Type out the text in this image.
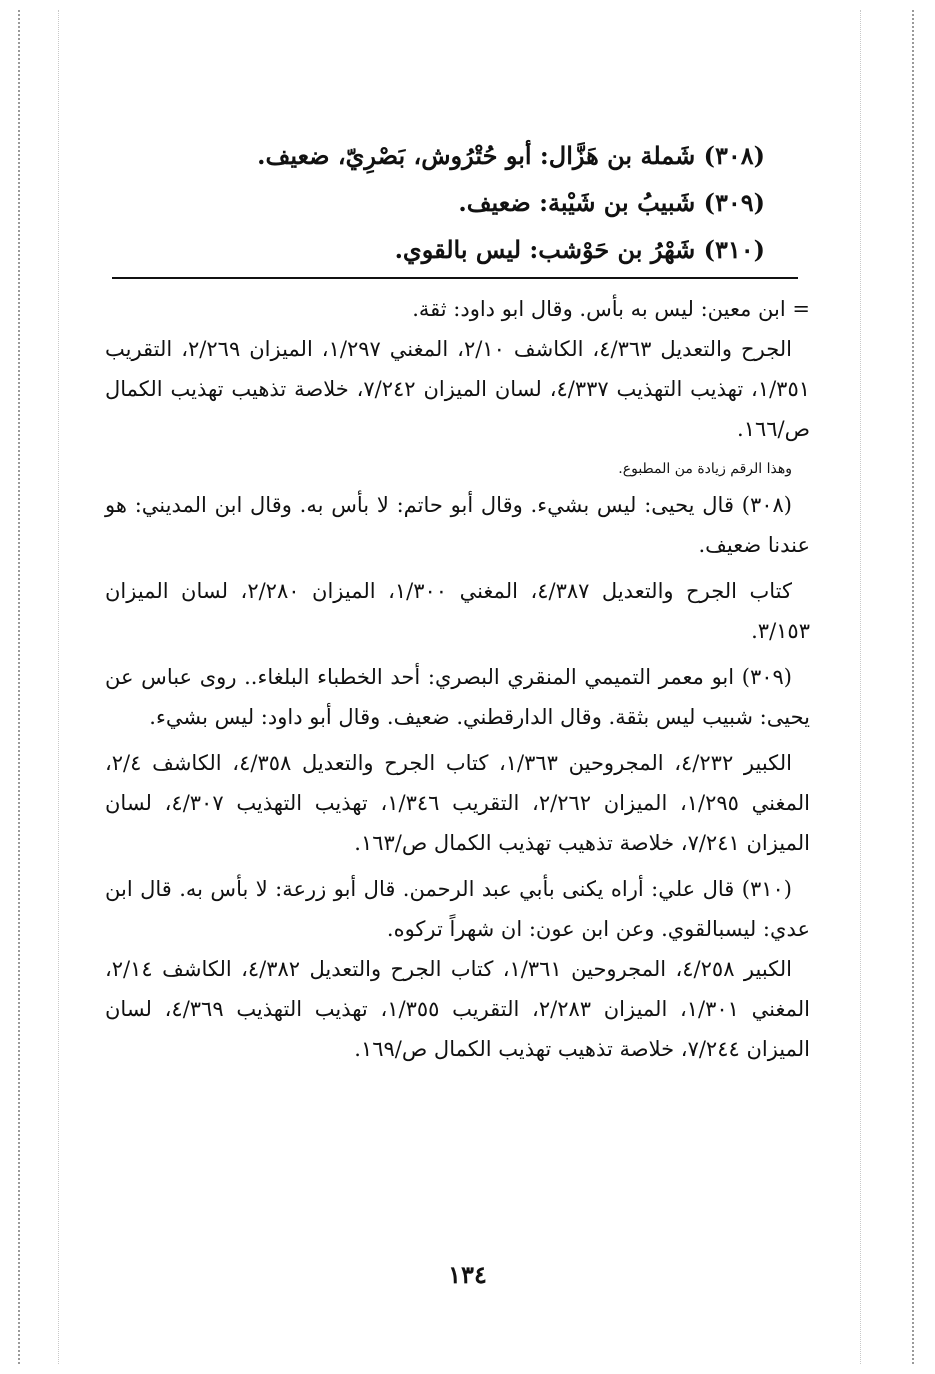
(٣٠٨) شَملة بن هَزَّال: أبو حُتْرُوش، بَصْرِيّ، ضعيف.
(٣٠٩) شَبيبُ بن شَيْبة: ضعيف.
(٣١٠) شَهْرُ بن حَوْشب: ليس بالقوي.

= ابن معين: ليس به بأس. وقال ابو داود: ثقة.

الجرح والتعديل ٤/٣٦٣، الكاشف ٢/١٠، المغني ١/٢٩٧، الميزان ٢/٢٦٩، التقريب ١/٣٥١، تهذيب التهذيب ٤/٣٣٧، لسان الميزان ٧/٢٤٢، خلاصة تذهيب تهذيب الكمال ص/١٦٦.

وهذا الرقم زيادة من المطبوع.

(٣٠٨) قال يحيى: ليس بشيء. وقال أبو حاتم: لا بأس به. وقال ابن المديني: هو عندنا ضعيف.

كتاب الجرح والتعديل ٤/٣٨٧، المغني ١/٣٠٠، الميزان ٢/٢٨٠، لسان الميزان ٣/١٥٣.

(٣٠٩) ابو معمر التميمي المنقري البصري: أحد الخطباء البلغاء.. روى عباس عن يحيى: شبيب ليس بثقة. وقال الدارقطني. ضعيف. وقال أبو داود: ليس بشيء.

الكبير ٤/٢٣٢، المجروحين ١/٣٦٣، كتاب الجرح والتعديل ٤/٣٥٨، الكاشف ٢/٤، المغني ١/٢٩٥، الميزان ٢/٢٦٢، التقريب ١/٣٤٦، تهذيب التهذيب ٤/٣٠٧، لسان الميزان ٧/٢٤١، خلاصة تذهيب تهذيب الكمال ص/١٦٣.

(٣١٠) قال علي: أراه يكنى بأبي عبد الرحمن. قال أبو زرعة: لا بأس به. قال ابن عدي: ليسبالقوي. وعن ابن عون: ان شهراً تركوه.

الكبير ٤/٢٥٨، المجروحين ١/٣٦١، كتاب الجرح والتعديل ٤/٣٨٢، الكاشف ٢/١٤، المغني ١/٣٠١، الميزان ٢/٢٨٣، التقريب ١/٣٥٥، تهذيب التهذيب ٤/٣٦٩، لسان الميزان ٧/٢٤٤، خلاصة تذهيب تهذيب الكمال ص/١٦٩.

١٣٤
